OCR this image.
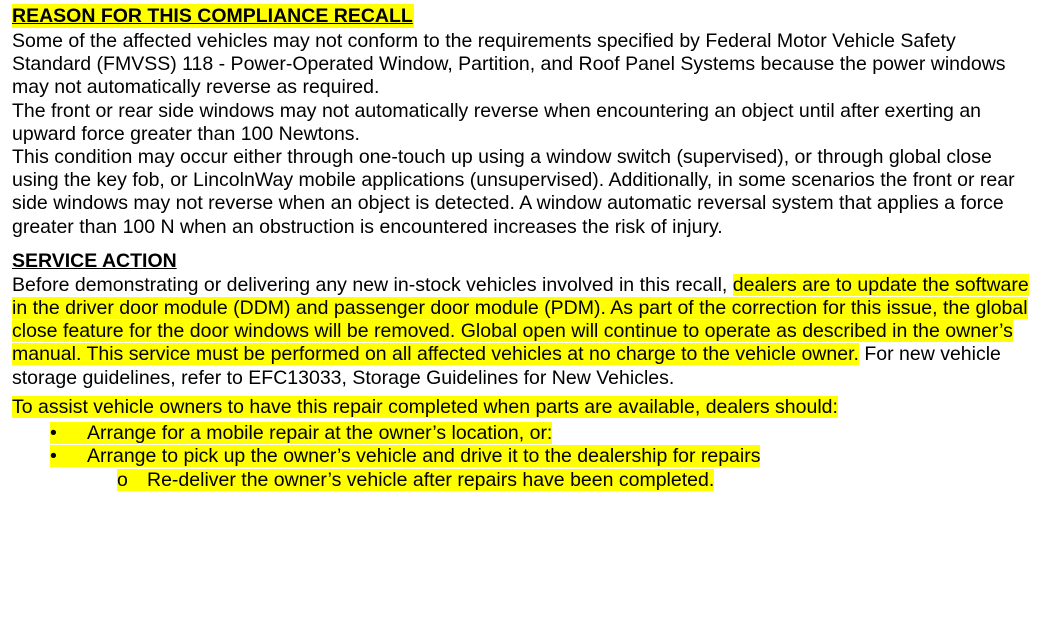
REASON FOR THIS COMPLIANCE RECALL

Some of the affected vehicles may not conform to the requirements specified by Federal Motor Vehicle Safety Standard (FMVSS) 118 - Power-Operated Window, Partition, and Roof Panel Systems because the power windows may not automatically reverse as required.

The front or rear side windows may not automatically reverse when encountering an object until after exerting an upward force greater than 100 Newtons.

This condition may occur either through one-touch up using a window switch (supervised), or through global close using the key fob, or LincolnWay mobile applications (unsupervised). Additionally, in some scenarios the front or rear side windows may not reverse when an object is detected. A window automatic reversal system that applies a force greater than 100 N when an obstruction is encountered increases the risk of injury.

SERVICE ACTION

Before demonstrating or delivering any new in-stock vehicles involved in this recall, dealers are to update the software in the driver door module (DDM) and passenger door module (PDM). As part of the correction for this issue, the global close feature for the door windows will be removed. Global open will continue to operate as described in the owner’s manual. This service must be performed on all affected vehicles at no charge to the vehicle owner. For new vehicle storage guidelines, refer to EFC13033, Storage Guidelines for New Vehicles.

To assist vehicle owners to have this repair completed when parts are available, dealers should:

• Arrange for a mobile repair at the owner’s location, or:
• Arrange to pick up the owner’s vehicle and drive it to the dealership for repairs
o Re-deliver the owner’s vehicle after repairs have been completed.
